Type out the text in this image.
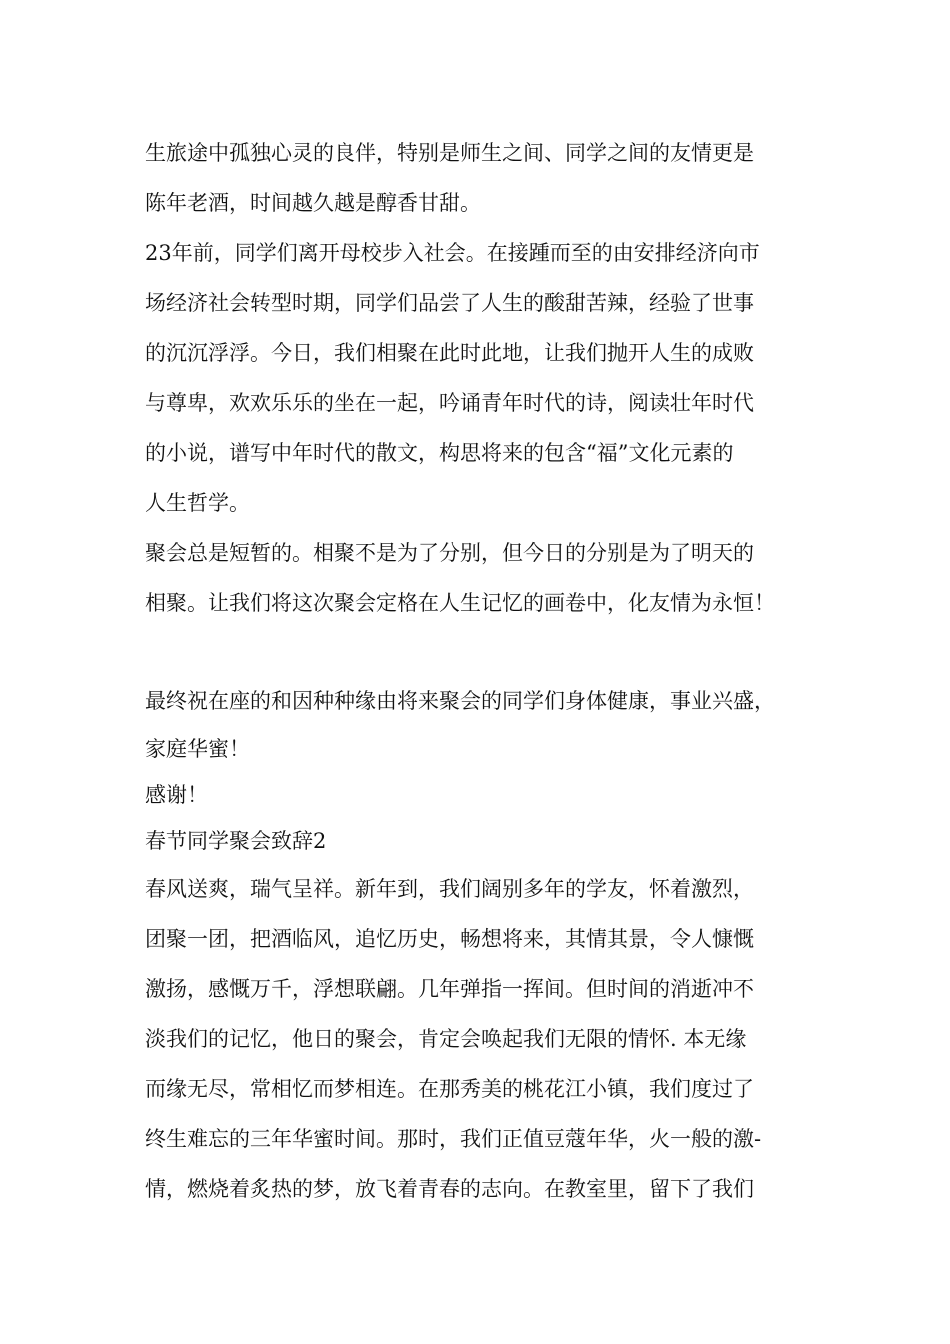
生旅途中孤独心灵的良伴，特别是师生之间、同学之间的友情更是
陈年老酒，时间越久越是醇香甘甜。
23年前，同学们离开母校步入社会。在接踵而至的由安排经济向市
场经济社会转型时期，同学们品尝了人生的酸甜苦辣，经验了世事
的沉沉浮浮。今日，我们相聚在此时此地，让我们抛开人生的成败
与尊卑，欢欢乐乐的坐在一起，吟诵青年时代的诗，阅读壮年时代
的小说，谱写中年时代的散文，构思将来的包含“福”文化元素的
人生哲学。
聚会总是短暂的。相聚不是为了分别，但今日的分别是为了明天的
相聚。让我们将这次聚会定格在人生记忆的画卷中，化友情为永恒！
最终祝在座的和因种种缘由将来聚会的同学们身体健康，事业兴盛，
家庭华蜜！
感谢！
春节同学聚会致辞2
春风送爽，瑞气呈祥。新年到，我们阔别多年的学友，怀着激烈，
团聚一团，把酒临风，追忆历史，畅想将来，其情其景，令人慷慨
激扬，感慨万千，浮想联翩。几年弹指一挥间。但时间的消逝冲不
淡我们的记忆，他日的聚会，肯定会唤起我们无限的情怀. 本无缘
而缘无尽，常相忆而梦相连。在那秀美的桃花江小镇，我们度过了
终生难忘的三年华蜜时间。那时，我们正值豆蔻年华，火一般的激-
情，燃烧着炙热的梦，放飞着青春的志向。在教室里，留下了我们
